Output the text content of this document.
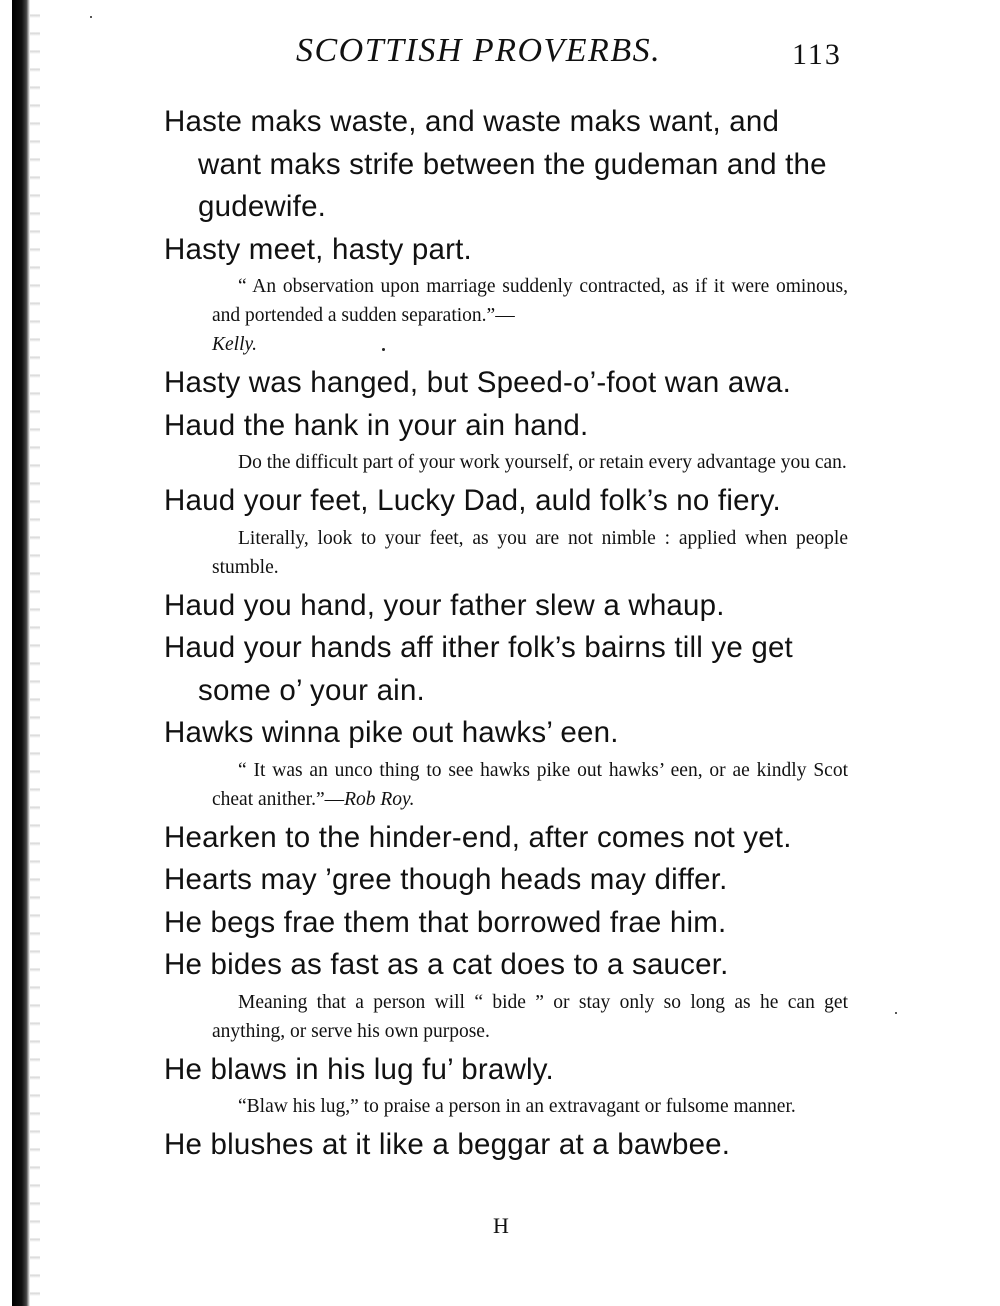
SCOTTISH PROVERBS.	113
Haste maks waste, and waste maks want, and want maks strife between the gudeman and the gudewife.
Hasty meet, hasty part.
“ An observation upon marriage suddenly contracted, as if it were ominous, and portended a sudden separation.”—
Kelly.
Hasty was hanged, but Speed-o’-foot wan awa.
Haud the hank in your ain hand.
Do the difficult part of your work yourself, or retain every advantage you can.
Haud your feet, Lucky Dad, auld folk’s no fiery.
Literally, look to your feet, as you are not nimble : applied when people stumble.
Haud you hand, your father slew a whaup.
Haud your hands aff ither folk’s bairns till ye get some o’ your ain.
Hawks winna pike out hawks’ een.
“ It was an unco thing to see hawks pike out hawks’ een, or ae kindly Scot cheat anither.”—Rob Roy.
Hearken to the hinder-end, after comes not yet.
Hearts may ’gree though heads may differ.
He begs frae them that borrowed frae him.
He bides as fast as a cat does to a saucer.
Meaning that a person will “ bide ” or stay only so long as he can get anything, or serve his own purpose.
He blaws in his lug fu’ brawly.
“Blaw his lug,” to praise a person in an extravagant or fulsome manner.
He blushes at it like a beggar at a bawbee.
H
